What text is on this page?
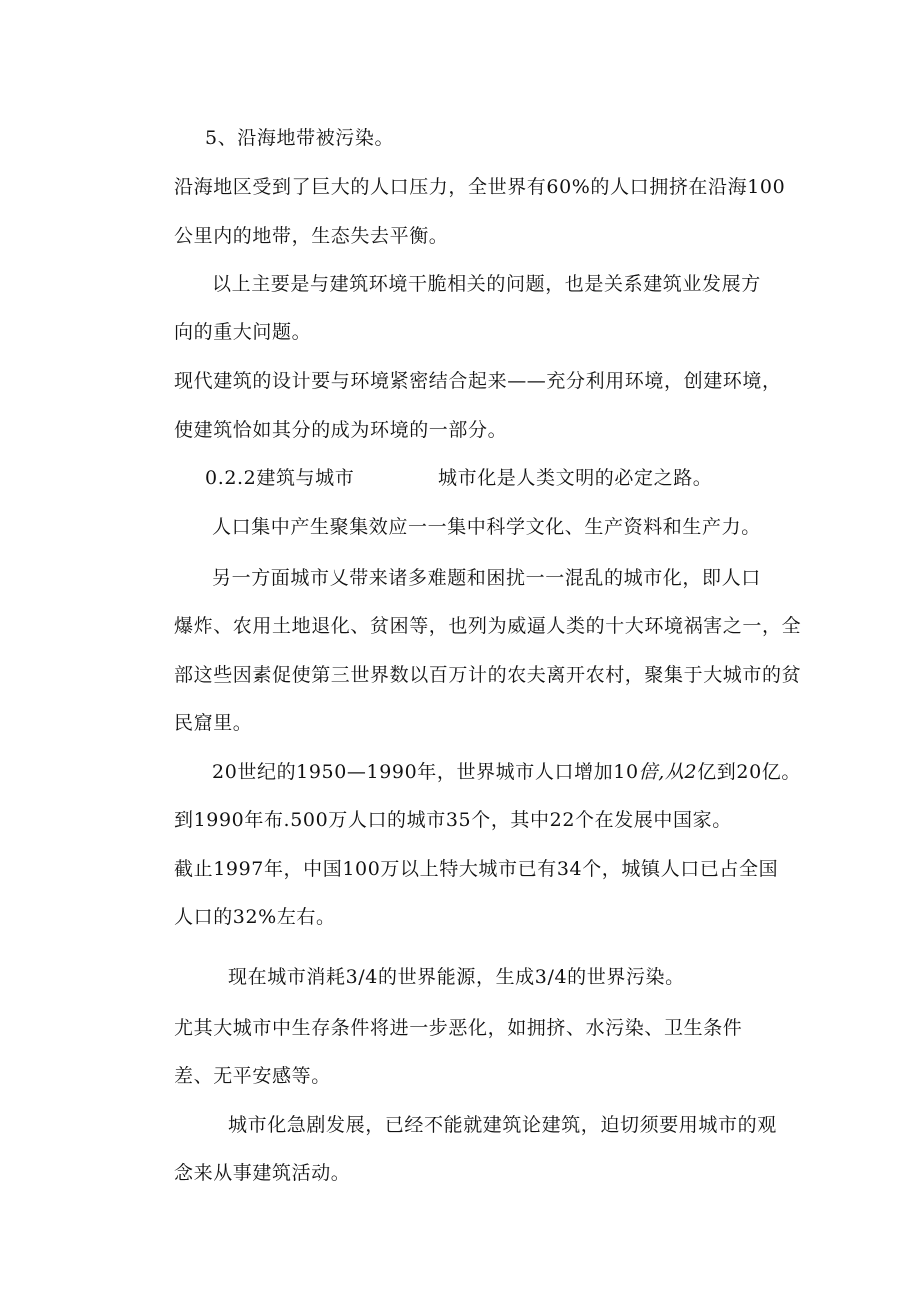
5、沿海地带被污染。

沿海地区受到了巨大的人口压力，全世界有60%的人口拥挤在沿海100

公里内的地带，生态失去平衡。

以上主要是与建筑环境干脆相关的问题，也是关系建筑业发展方

向的重大问题。

现代建筑的设计要与环境紧密结合起来——充分利用环境，创建环境，

使建筑恰如其分的成为环境的一部分。

0.2.2建筑与城市	城市化是人类文明的必定之路。

人口集中产生聚集效应一一集中科学文化、生产资料和生产力。

另一方面城市乂带来诸多难题和困扰一一混乱的城市化，即人口

爆炸、农用土地退化、贫困等，也列为威逼人类的十大环境祸害之一，全

部这些因素促使第三世界数以百万计的农夫离开农村，聚集于大城市的贫

民窟里。

20世纪的1950—1990年，世界城市人口增加10倍,从2亿到20亿。

到1990年布.500万人口的城市35个，其中22个在发展中国家。

截止1997年，中国100万以上特大城市已有34个，城镇人口已占全国

人口的32%左右。

现在城市消耗3/4的世界能源，生成3/4的世界污染。

尤其大城市中生存条件将进一步恶化，如拥挤、水污染、卫生条件

差、无平安感等。

城市化急剧发展，已经不能就建筑论建筑，迫切须要用城市的观

念来从事建筑活动。
